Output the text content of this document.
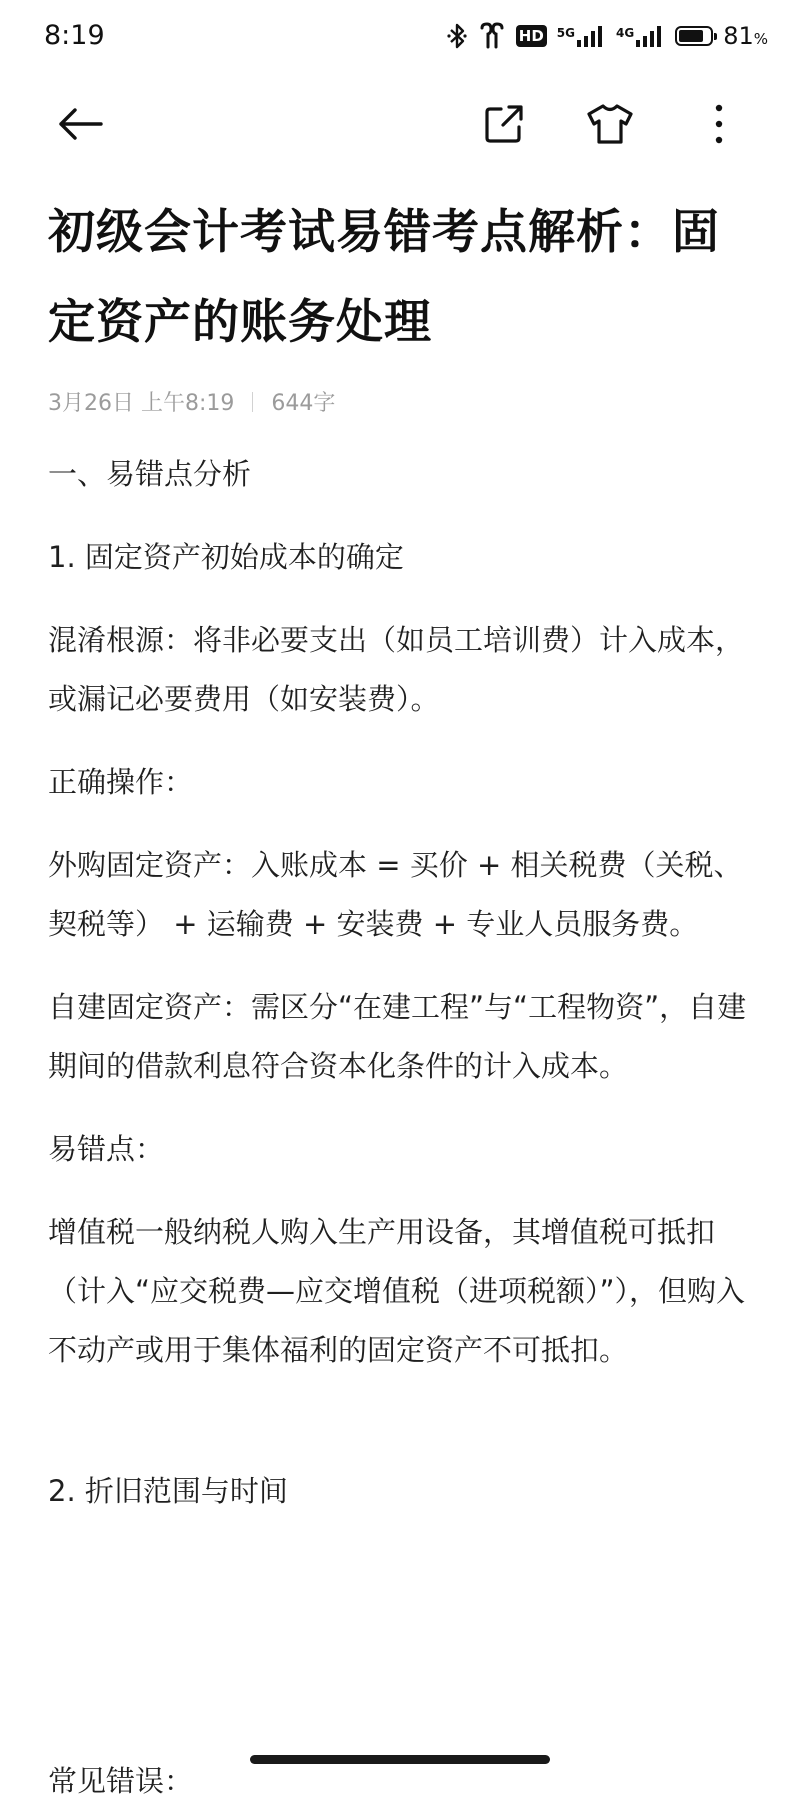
8:19	HD 5G	4G	81%
初级会计考试易错考点解析：固定资产的账务处理
3月26日 上午8:19 644字

一、易错点分析

1. 固定资产初始成本的确定

混淆根源：将非必要支出（如员工培训费）计入成本，或漏记必要费用（如安装费）。

正确操作：

外购固定资产：入账成本 = 买价 + 相关税费（关税、契税等） + 运输费 + 安装费 + 专业人员服务费。

自建固定资产：需区分“在建工程”与“工程物资”，自建期间的借款利息符合资本化条件的计入成本。

易错点：

增值税一般纳税人购入生产用设备，其增值税可抵扣（计入“应交税费—应交增值税（进项税额）”），但购入不动产或用于集体福利的固定资产不可抵扣。

2. 折旧范围与时间

常见错误：
